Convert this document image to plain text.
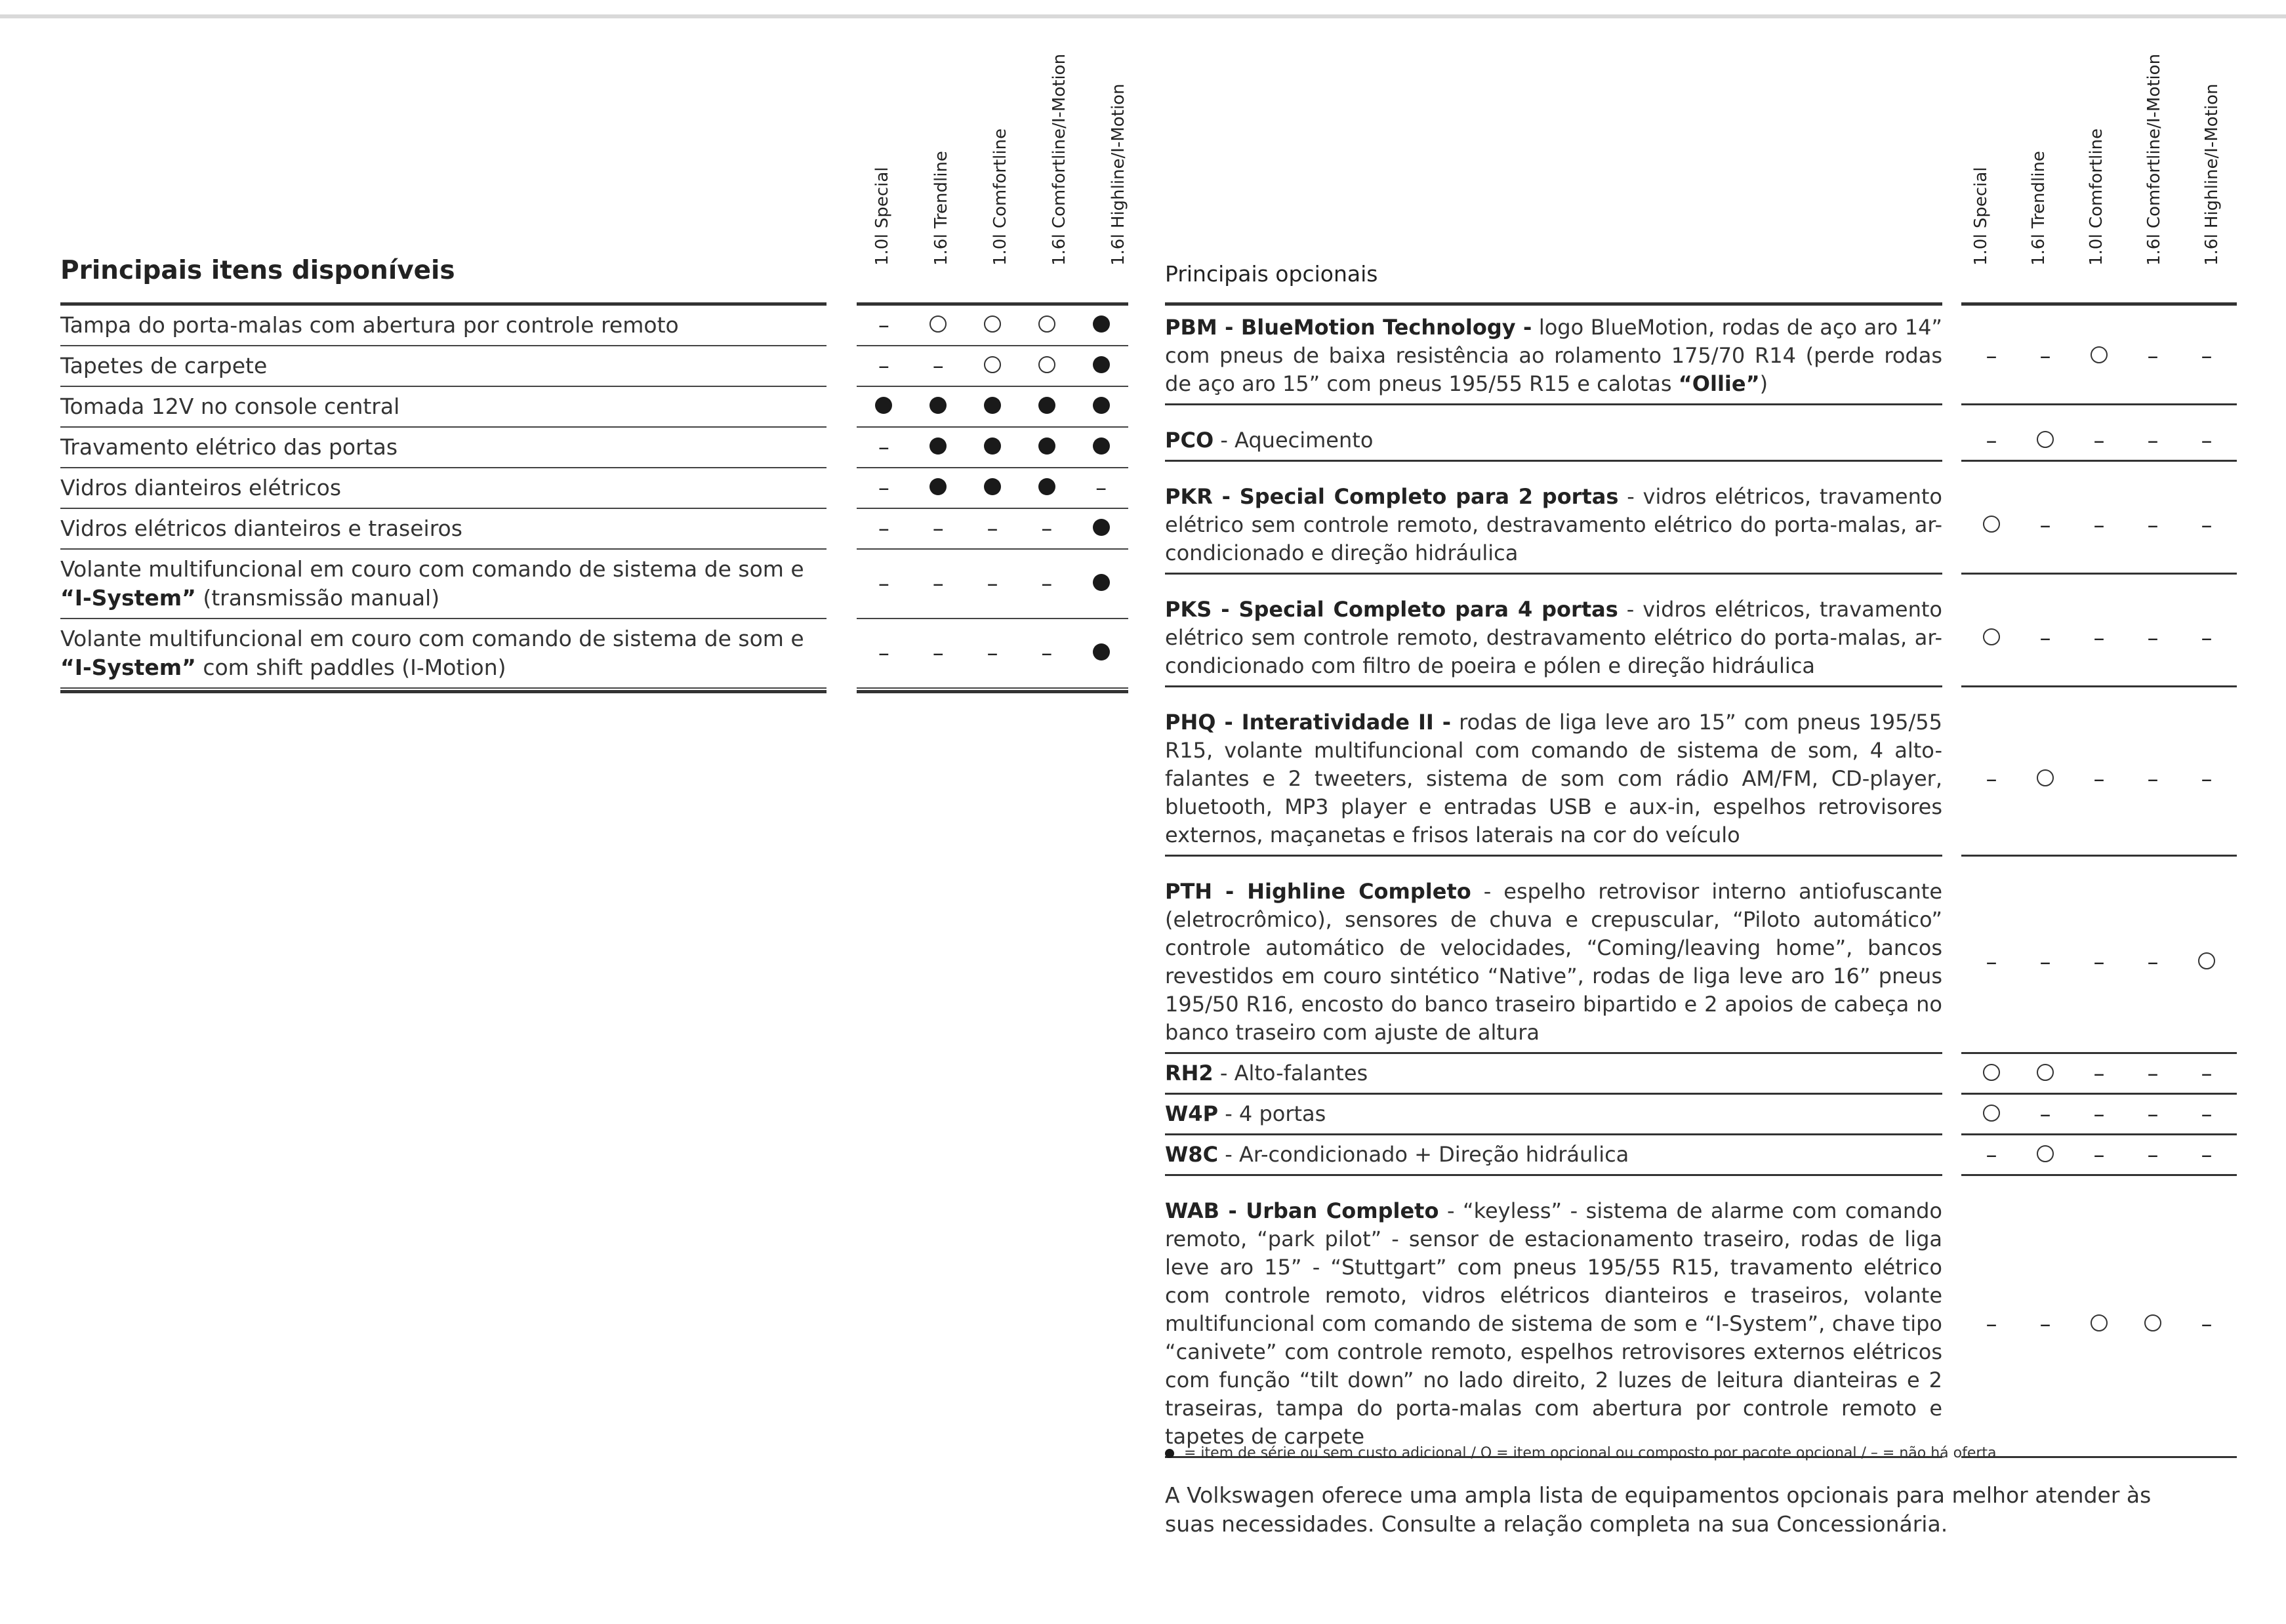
Principais itens disponíveis
1.0l Special 1.6l Trendline 1.0l Comfortline 1.6l Comfortline/I-Motion 1.6l Highline/I-Motion
Tampa do porta-malas com abertura por controle remoto
–
Tapetes de carpete
–
–
Tomada 12V no console central
Travamento elétrico das portas
–
Vidros dianteiros elétricos
–
–
Vidros elétricos dianteiros e traseiros
–
–
–
–
Volante multifuncional em couro com comando de sistema de som e
“I-System” (transmissão manual)
–
–
–
–
Volante multifuncional em couro com comando de sistema de som e
“I-System” com shift paddles (I-Motion)
–
–
–
–
Principais opcionais
1.0l Special 1.6l Trendline 1.0l Comfortline 1.6l Comfortline/I-Motion 1.6l Highline/I-Motion
PBM - BlueMotion Technology - logo BlueMotion, rodas de aço aro 14” com pneus de baixa resistência ao rolamento 175/70 R14 (perde rodas de aço aro 15” com pneus 195/55 R15 e calotas “Ollie”)
–
–
–
–
PCO - Aquecimento
–
–
–
–
PKR - Special Completo para 2 portas - vidros elétricos, travamento elétrico sem controle remoto, destravamento elétrico do porta-malas, ar-condicionado e direção hidráulica
–
–
–
–
PKS - Special Completo para 4 portas - vidros elétricos, travamento elétrico sem controle remoto, destravamento elétrico do porta-malas, ar-condicionado com filtro de poeira e pólen e direção hidráulica
–
–
–
–
PHQ - Interatividade II - rodas de liga leve aro 15” com pneus 195/55 R15, volante multifuncional com comando de sistema de som, 4 alto-falantes e 2 tweeters, sistema de som com rádio AM/FM, CD-player, bluetooth, MP3 player e entradas USB e aux-in, espelhos retrovisores externos, maçanetas e frisos laterais na cor do veículo
–
–
–
–
PTH - Highline Completo - espelho retrovisor interno antiofuscante (eletrocrômico), sensores de chuva e crepuscular, “Piloto automático” controle automático de velocidades, “Coming/leaving home”, bancos revestidos em couro sintético “Native”, rodas de liga leve aro 16” pneus 195/50 R16, encosto do banco traseiro bipartido e 2 apoios de cabeça no banco traseiro com ajuste de altura
–
–
–
–
RH2 - Alto-falantes
–
–
–
W4P - 4 portas
–
–
–
–
W8C - Ar-condicionado + Direção hidráulica
–
–
–
–
WAB - Urban Completo - “keyless” - sistema de alarme com comando remoto, “park pilot” - sensor de estacionamento traseiro, rodas de liga leve aro 15” - “Stuttgart” com pneus 195/55 R15, travamento elétrico com controle remoto, vidros elétricos dianteiros e traseiros, volante multifuncional com comando de sistema de som e “I-System”, chave tipo “canivete” com controle remoto, espelhos retrovisores externos elétricos com função “tilt down” no lado direito, 2 luzes de leitura dianteiras e 2 traseiras, tampa do porta-malas com abertura por controle remoto e tapetes de carpete
–
–
–
= item de série ou sem custo adicional / O = item opcional ou composto por pacote opcional / – = não há oferta
A Volkswagen oferece uma ampla lista de equipamentos opcionais para melhor atender às suas necessidades. Consulte a relação completa na sua Concessionária.
